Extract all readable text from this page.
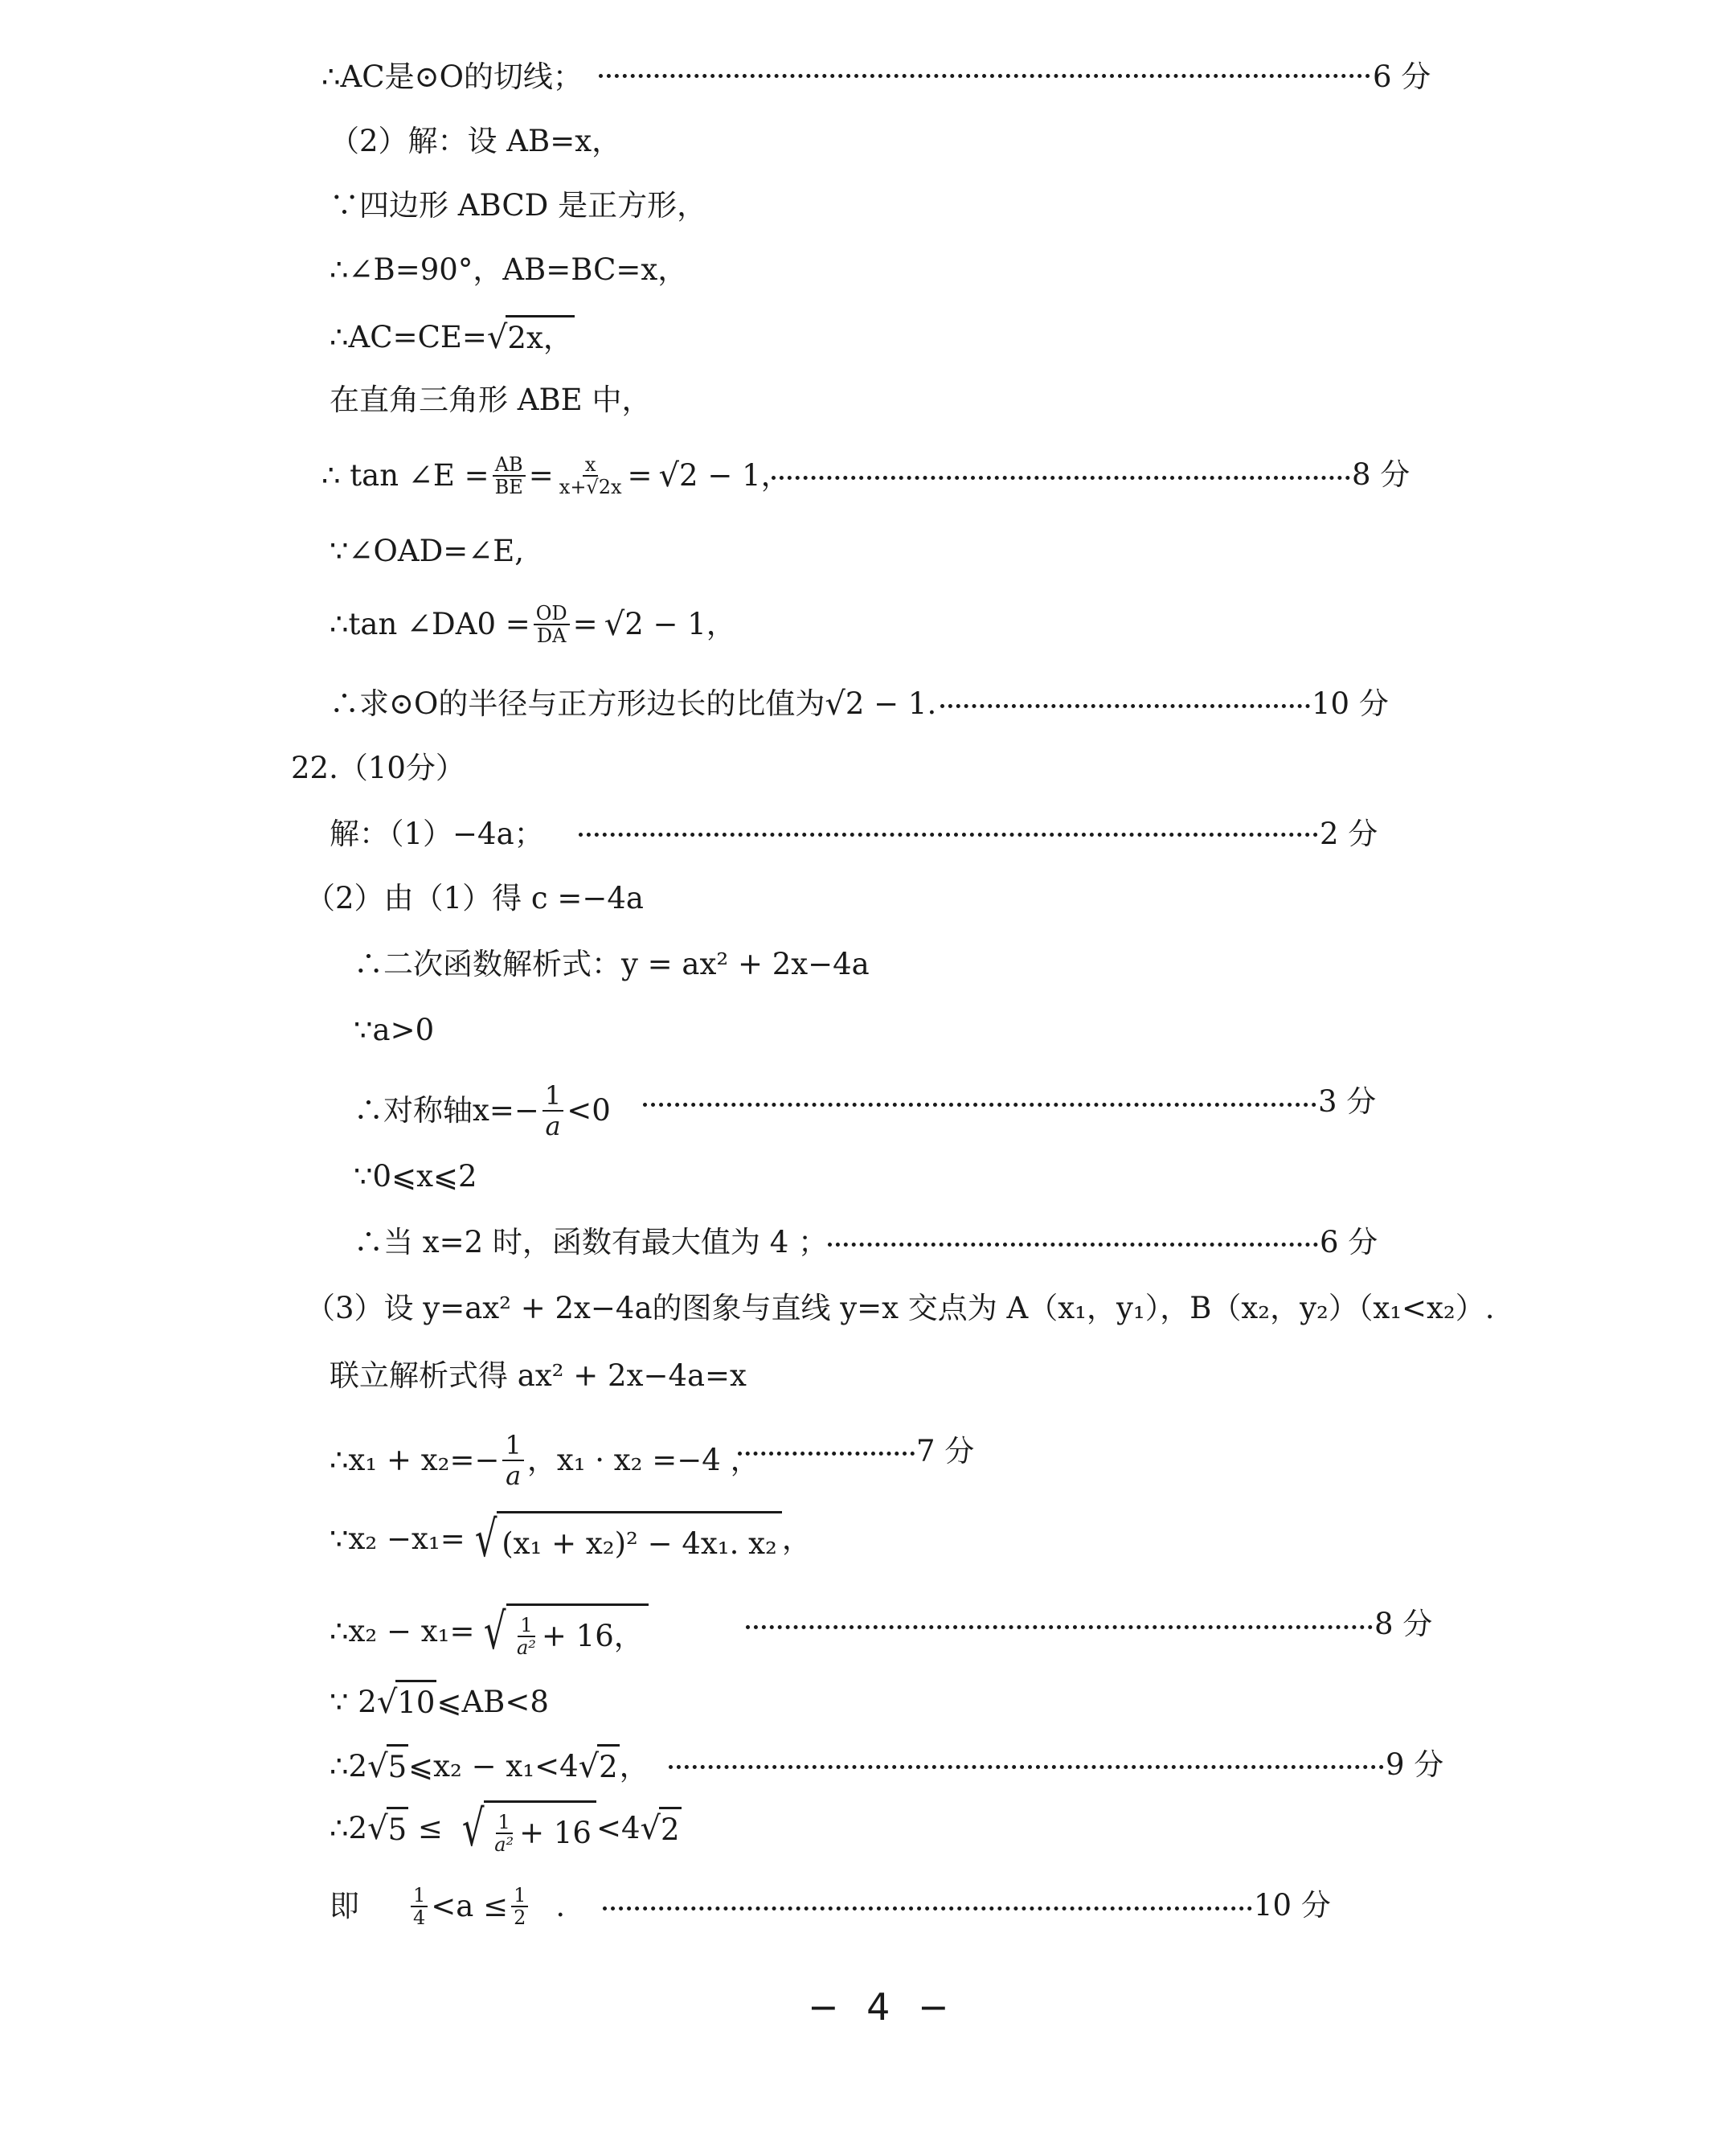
∴AC是⊙O的切线；	6 分
（2）解：设 AB=x，
∵四边形 ABCD 是正方形，
∴∠B=90°，AB=BC=x，
∴AC=CE= √ 2x，
在直角三角形 ABE 中，
∴ tan ∠E = $\frac{AB}{BE} = \frac{x}{x+√2x}$ = √ 2 − 1，	8 分
∵∠OAD=∠E,
∴tan ∠DA0 = $\frac{OD}{DA}$ = √ 2 − 1，
∴求⊙O的半径与正方形边长的比值为 √ 2 − 1.	10 分
22.（10分）
解：（1）−4a；	2 分
（2）由（1）得 c =−4a
∴二次函数解析式：y = ax² + 2x−4a
∵a>0
∴对称轴$x=- \frac{1}{a} <0$	3 分
∵0⩽x⩽2
∴当 x=2 时，函数有最大值为 4 ；	6 分
（3）设 y=ax² + 2x−4a的图象与直线 y=x 交点为 A（x₁，y₁），B（x₂，y₂）（x₁<x₂）.
联立解析式得 ax² + 2x−4a=x
∴x₁ + $x_2=- \frac{1}{a}$ ，x₁ · x₂ =−4 ，	7 分
∵x₂ −x₁= √ (x₁ + x₂)² − 4x₁. x₂ ，
∴x₂ − x₁= √ $\frac{1}{\text{a²}} + 16$，	8 分
∵ 2 √ 10 ⩽AB<8
∴2 √ 5 ⩽x₂ − x₁<4 √ 2 ，	9 分
∴2 √ 5 ≤ √ $\frac{1}{\text{a²}} + 16 <4$ √ 2
即	$\frac{1}{4} <a \le \frac{1}{2}$ .	10 分
− 4 −
